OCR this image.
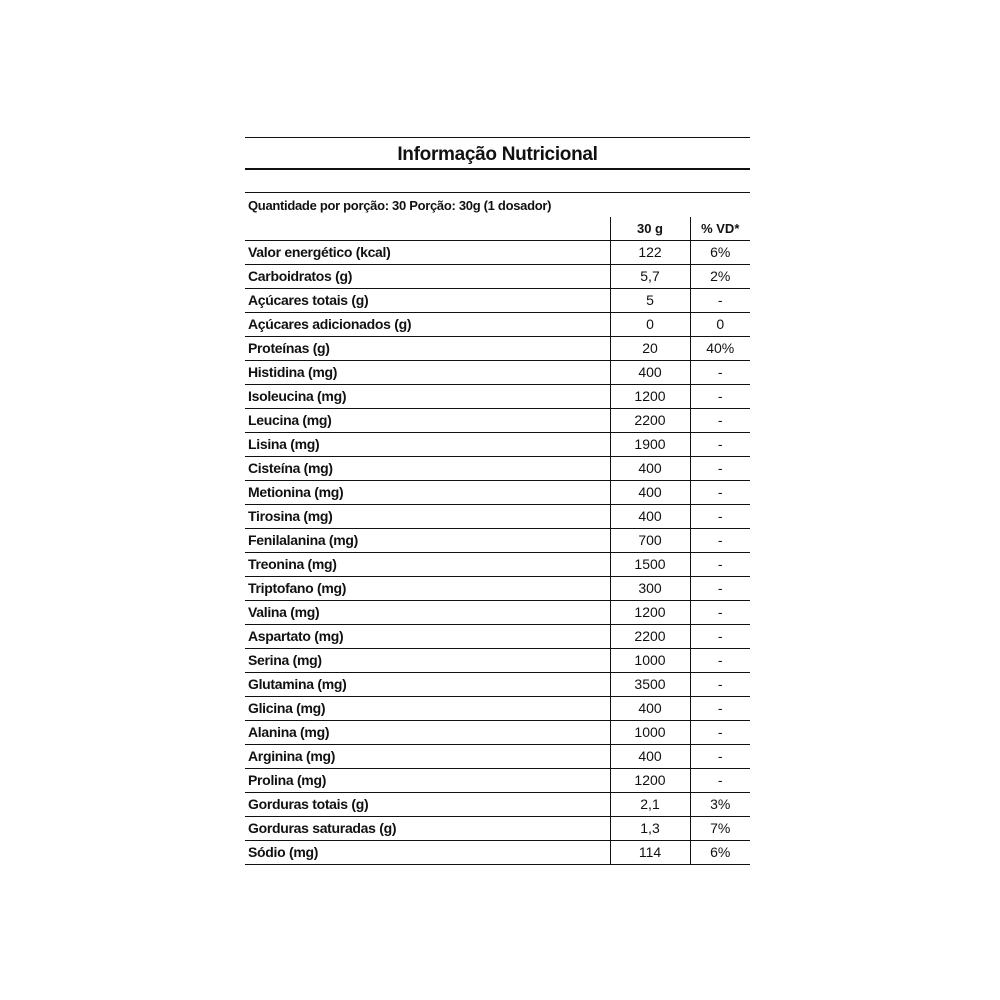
Informação Nutricional
Quantidade por porção: 30 Porção: 30g (1 dosador)
	30 g	% VD*
Valor energético (kcal)	122	6%
Carboidratos (g)	5,7	2%
Açúcares totais (g)	5	-
Açúcares adicionados (g)	0	0
Proteínas (g)	20	40%
Histidina (mg)	400	-
Isoleucina (mg)	1200	-
Leucina (mg)	2200	-
Lisina (mg)	1900	-
Cisteína (mg)	400	-
Metionina (mg)	400	-
Tirosina (mg)	400	-
Fenilalanina (mg)	700	-
Treonina (mg)	1500	-
Triptofano (mg)	300	-
Valina (mg)	1200	-
Aspartato (mg)	2200	-
Serina (mg)	1000	-
Glutamina (mg)	3500	-
Glicina (mg)	400	-
Alanina (mg)	1000	-
Arginina (mg)	400	-
Prolina (mg)	1200	-
Gorduras totais (g)	2,1	3%
Gorduras saturadas (g)	1,3	7%
Sódio (mg)	114	6%
